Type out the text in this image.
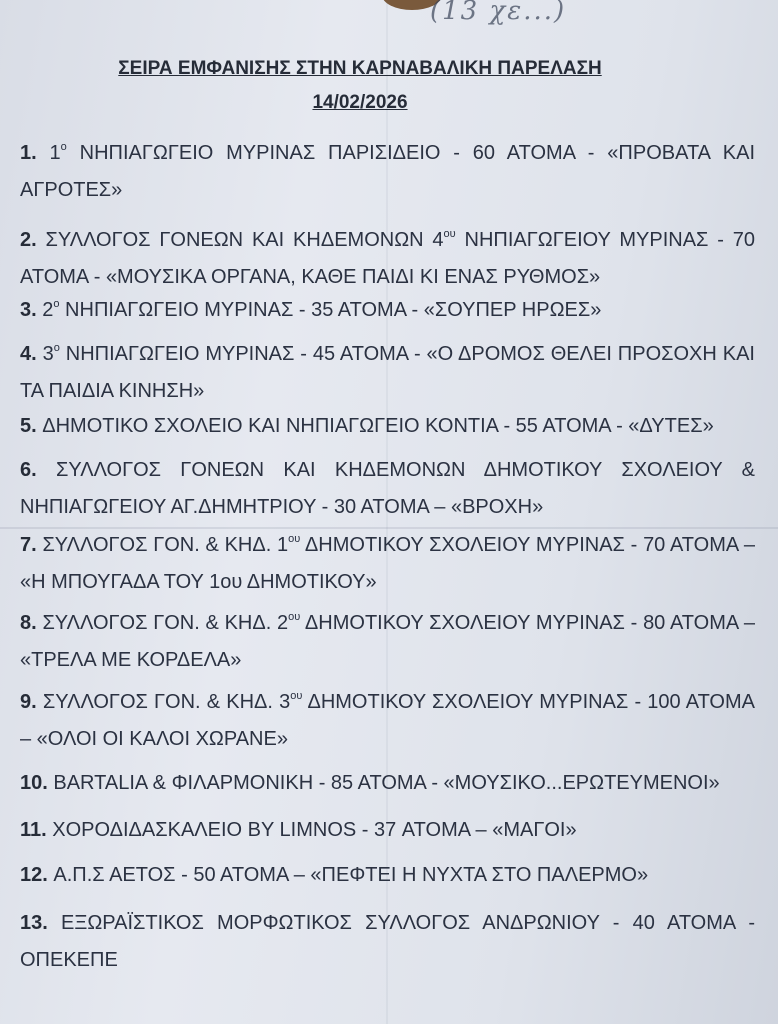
(13 χε...)
ΣΕΙΡΑ ΕΜΦΑΝΙΣΗΣ ΣΤΗΝ ΚΑΡΝΑΒΑΛΙΚΗ ΠΑΡΕΛΑΣΗ
14/02/2026
1. $1^o$ ΝΗΠΙΑΓΩΓΕΙΟ ΜΥΡΙΝΑΣ ΠΑΡΙΣΙΔΕΙΟ - 60 ΑΤΟΜΑ - «ΠΡΟΒΑΤΑ ΚΑΙ ΑΓΡΟΤΕΣ»
2. ΣΥΛΛΟΓΟΣ ΓΟΝΕΩΝ ΚΑΙ ΚΗΔΕΜΟΝΩΝ $4^{o\upsilon}$ ΝΗΠΙΑΓΩΓΕΙΟΥ ΜΥΡΙΝΑΣ - 70 ΑΤΟΜΑ - «ΜΟΥΣΙΚΑ ΟΡΓΑΝΑ, ΚΑΘΕ ΠΑΙΔΙ ΚΙ ΕΝΑΣ ΡΥΘΜΟΣ»
3. $2^o$ ΝΗΠΙΑΓΩΓΕΙΟ ΜΥΡΙΝΑΣ - 35 ΑΤΟΜΑ - «ΣΟΥΠΕΡ ΗΡΩΕΣ»
4. $3^o$ ΝΗΠΙΑΓΩΓΕΙΟ ΜΥΡΙΝΑΣ - 45 ΑΤΟΜΑ - «Ο ΔΡΟΜΟΣ ΘΕΛΕΙ ΠΡΟΣΟΧΗ ΚΑΙ ΤΑ ΠΑΙΔΙΑ ΚΙΝΗΣΗ»
5. ΔΗΜΟΤΙΚΟ ΣΧΟΛΕΙΟ ΚΑΙ ΝΗΠΙΑΓΩΓΕΙΟ ΚΟΝΤΙΑ - 55 ΑΤΟΜΑ - «ΔΥΤΕΣ»
6. ΣΥΛΛΟΓΟΣ ΓΟΝΕΩΝ ΚΑΙ ΚΗΔΕΜΟΝΩΝ ΔΗΜΟΤΙΚΟΥ ΣΧΟΛΕΙΟΥ & ΝΗΠΙΑΓΩΓΕΙΟΥ ΑΓ.ΔΗΜΗΤΡΙΟΥ - 30 ΑΤΟΜΑ – «ΒΡΟΧΗ»
7. ΣΥΛΛΟΓΟΣ ΓΟΝ. & ΚΗΔ. $1^{o\upsilon}$ ΔΗΜΟΤΙΚΟΥ ΣΧΟΛΕΙΟΥ ΜΥΡΙΝΑΣ - 70 ΑΤΟΜΑ – «Η ΜΠΟΥΓΑΔΑ ΤΟΥ 1ου ΔΗΜΟΤΙΚΟΥ»
8. ΣΥΛΛΟΓΟΣ ΓΟΝ. & ΚΗΔ. $2^{o\upsilon}$ ΔΗΜΟΤΙΚΟΥ ΣΧΟΛΕΙΟΥ ΜΥΡΙΝΑΣ - 80 ΑΤΟΜΑ – «ΤΡΕΛΑ ΜΕ ΚΟΡΔΕΛΑ»
9. ΣΥΛΛΟΓΟΣ ΓΟΝ. & ΚΗΔ. $3^{o\upsilon}$ ΔΗΜΟΤΙΚΟΥ ΣΧΟΛΕΙΟΥ ΜΥΡΙΝΑΣ - 100 ΑΤΟΜΑ – «ΟΛΟΙ ΟΙ ΚΑΛΟΙ ΧΩΡΑΝΕ»
10. BARTALIA & ΦΙΛΑΡΜΟΝΙΚΗ - 85 ΑΤΟΜΑ - «ΜΟΥΣΙΚΟ...ΕΡΩΤΕΥΜΕΝΟΙ»
11. ΧΟΡΟΔΙΔΑΣΚΑΛΕΙΟ BY LIMNOS - 37 ΑΤΟΜΑ – «ΜΑΓΟΙ»
12. Α.Π.Σ ΑΕΤΟΣ - 50 ΑΤΟΜΑ – «ΠΕΦΤΕΙ Η ΝΥΧΤΑ ΣΤΟ ΠΑΛΕΡΜΟ»
13. ΕΞΩΡΑΪΣΤΙΚΟΣ ΜΟΡΦΩΤΙΚΟΣ ΣΥΛΛΟΓΟΣ ΑΝΔΡΩΝΙΟΥ - 40 ΑΤΟΜΑ - ΟΠΕΚΕΠΕ
